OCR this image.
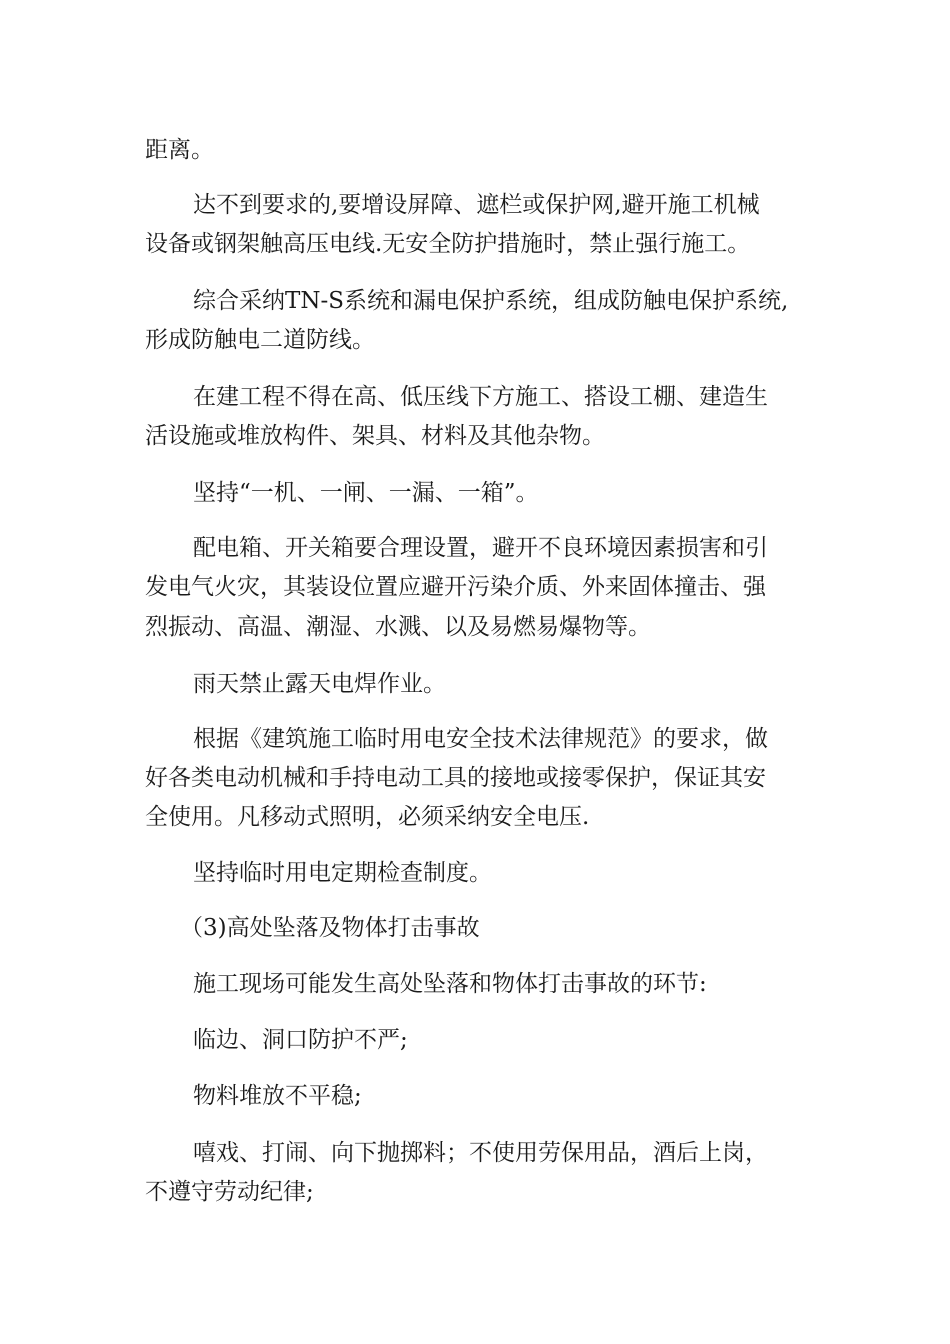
距离。

达不到要求的,要增设屏障、遮栏或保护网,避开施工机械

设备或钢架触高压电线.无安全防护措施时，禁止强行施工。

综合采纳TN-S系统和漏电保护系统，组成防触电保护系统,

形成防触电二道防线。

在建工程不得在高、低压线下方施工、搭设工棚、建造生

活设施或堆放构件、架具、材料及其他杂物。

坚持“一机、一闸、一漏、一箱”。

配电箱、开关箱要合理设置，避开不良环境因素损害和引

发电气火灾，其装设位置应避开污染介质、外来固体撞击、强

烈振动、高温、潮湿、水溅、以及易燃易爆物等。

雨天禁止露天电焊作业。

根据《建筑施工临时用电安全技术法律规范》的要求，做

好各类电动机械和手持电动工具的接地或接零保护，保证其安

全使用。凡移动式照明，必须采纳安全电压.

坚持临时用电定期检查制度。

（3)高处坠落及物体打击事故

施工现场可能发生高处坠落和物体打击事故的环节:

临边、洞口防护不严;

物料堆放不平稳;

嘻戏、打闹、向下抛掷料；不使用劳保用品，酒后上岗，

不遵守劳动纪律;
